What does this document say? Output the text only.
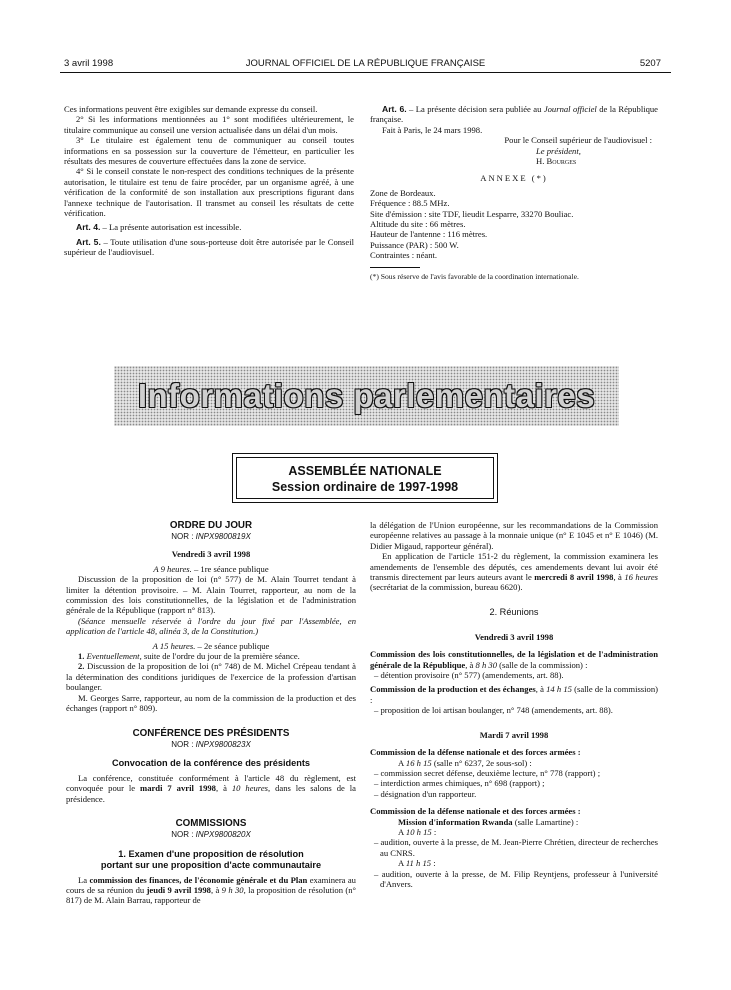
3 avril 1998	JOURNAL OFFICIEL DE LA RÉPUBLIQUE FRANÇAISE	5207

Ces informations peuvent être exigibles sur demande expresse du conseil.

2° Si les informations mentionnées au 1° sont modifiées ultérieurement, le titulaire communique au conseil une version actualisée dans un délai d'un mois.

3° Le titulaire est également tenu de communiquer au conseil toutes informations en sa possession sur la couverture de l'émetteur, en particulier les résultats des mesures de couverture effectuées dans la zone de service.

4° Si le conseil constate le non-respect des conditions techniques de la présente autorisation, le titulaire est tenu de faire procéder, par un organisme agréé, à une vérification de la conformité de son installation aux prescriptions figurant dans l'annexe technique de l'autorisation. Il transmet au conseil les résultats de cette vérification.

Art. 4. – La présente autorisation est incessible.

Art. 5. – Toute utilisation d'une sous-porteuse doit être autorisée par le Conseil supérieur de l'audiovisuel.

Art. 6. – La présente décision sera publiée au Journal officiel de la République française.

Fait à Paris, le 24 mars 1998.

Pour le Conseil supérieur de l'audiovisuel :

Le président,

H. Bourges

ANNEXE (*)

Zone de Bordeaux.

Fréquence : 88.5 MHz.

Site d'émission : site TDF, lieudit Lesparre, 33270 Bouliac.

Altitude du site : 66 mètres.

Hauteur de l'antenne : 116 mètres.

Puissance (PAR) : 500 W.

Contraintes : néant.

(*) Sous réserve de l'avis favorable de la coordination internationale.

Informations parlementaires
ASSEMBLÉE NATIONALE
Session ordinaire de 1997-1998
ORDRE DU JOUR
NOR : INPX9800819X

Vendredi 3 avril 1998

A 9 heures. – 1re séance publique

Discussion de la proposition de loi (n° 577) de M. Alain Tourret tendant à limiter la détention provisoire. – M. Alain Tourret, rapporteur, au nom de la commission des lois constitutionnelles, de la législation et de l'administration générale de la République (rapport n° 813).

(Séance mensuelle réservée à l'ordre du jour fixé par l'Assemblée, en application de l'article 48, alinéa 3, de la Constitution.)

A 15 heures. – 2e séance publique

1. Eventuellement, suite de l'ordre du jour de la première séance.

2. Discussion de la proposition de loi (n° 748) de M. Michel Crépeau tendant à la détermination des conditions juridiques de l'exercice de la profession d'artisan boulanger.

M. Georges Sarre, rapporteur, au nom de la commission de la production et des échanges (rapport n° 809).

CONFÉRENCE DES PRÉSIDENTS
NOR : INPX9800823X
Convocation de la conférence des présidents

La conférence, constituée conformément à l'article 48 du règlement, est convoquée pour le mardi 7 avril 1998, à 10 heures, dans les salons de la présidence.

COMMISSIONS
NOR : INPX9800820X
1. Examen d'une proposition de résolution
portant sur une proposition d'acte communautaire

La commission des finances, de l'économie générale et du Plan examinera au cours de sa réunion du jeudi 9 avril 1998, à 9 h 30, la proposition de résolution (n° 817) de M. Alain Barrau, rapporteur de

la délégation de l'Union européenne, sur les recommandations de la Commission européenne relatives au passage à la monnaie unique (n° E 1045 et n° E 1046) (M. Didier Migaud, rapporteur général).

En application de l'article 151-2 du règlement, la commission examinera les amendements de l'ensemble des députés, ces amendements devant lui avoir été transmis directement par leurs auteurs avant le mercredi 8 avril 1998, à 16 heures (secrétariat de la commission, bureau 6620).

2. Réunions

Vendredi 3 avril 1998

Commission des lois constitutionnelles, de la législation et de l'administration générale de la République, à 8 h 30 (salle de la commission) :

– détention provisoire (n° 577) (amendements, art. 88).

Commission de la production et des échanges, à 14 h 15 (salle de la commission) :

– proposition de loi artisan boulanger, n° 748 (amendements, art. 88).

Mardi 7 avril 1998

Commission de la défense nationale et des forces armées :

A 16 h 15 (salle n° 6237, 2e sous-sol) :

– commission secret défense, deuxième lecture, n° 778 (rapport) ;

– interdiction armes chimiques, n° 698 (rapport) ;

– désignation d'un rapporteur.

Commission de la défense nationale et des forces armées :

Mission d'information Rwanda (salle Lamartine) :

A 10 h 15 :

– audition, ouverte à la presse, de M. Jean-Pierre Chrétien, directeur de recherches au CNRS.

A 11 h 15 :

– audition, ouverte à la presse, de M. Filip Reyntjens, professeur à l'université d'Anvers.
